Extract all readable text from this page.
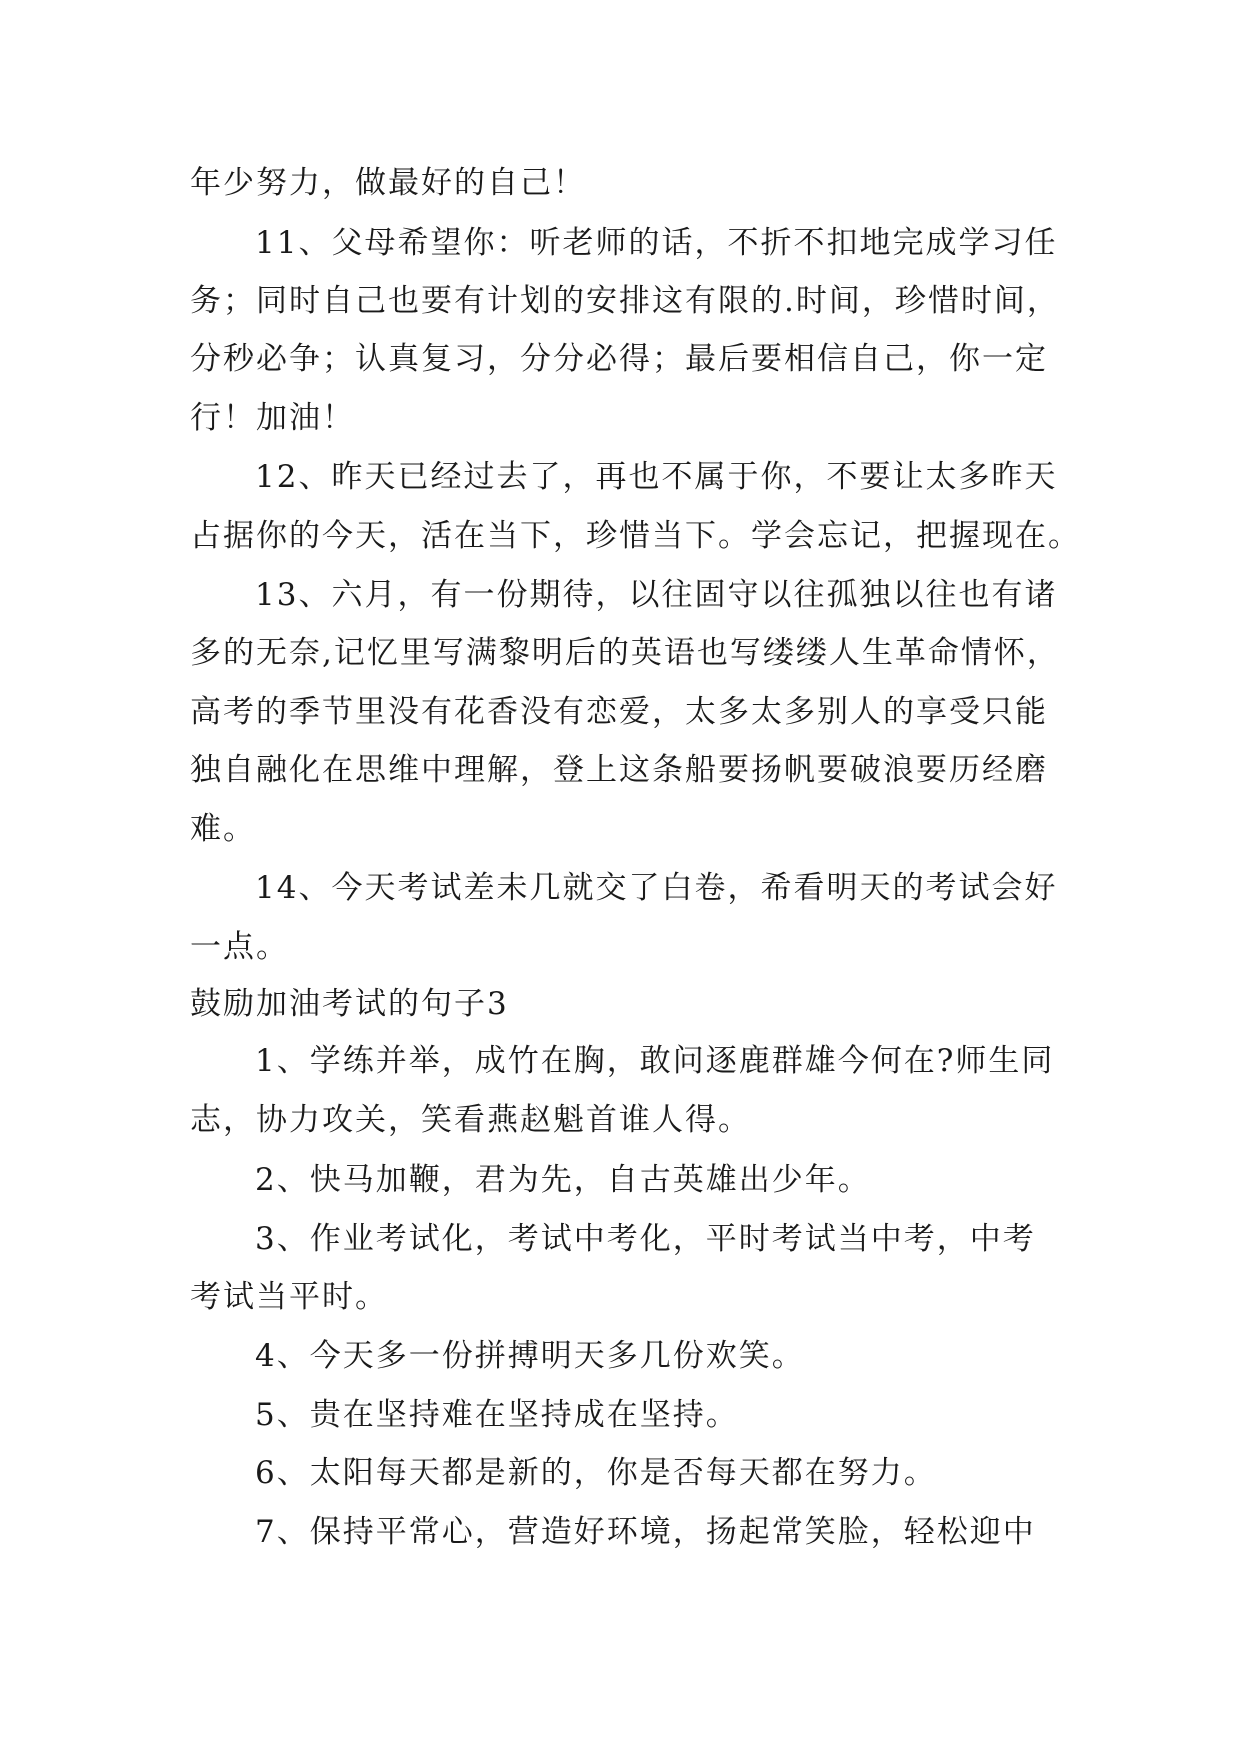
年少努力，做最好的自己！
11、父母希望你：听老师的话，不折不扣地完成学习任
务；同时自己也要有计划的安排这有限的.时间，珍惜时间，
分秒必争；认真复习，分分必得；最后要相信自己，你一定
行！加油！
12、昨天已经过去了，再也不属于你，不要让太多昨天
占据你的今天，活在当下，珍惜当下。学会忘记，把握现在。
13、六月，有一份期待，以往固守以往孤独以往也有诸
多的无奈,记忆里写满黎明后的英语也写缕缕人生革命情怀，
高考的季节里没有花香没有恋爱，太多太多别人的享受只能
独自融化在思维中理解，登上这条船要扬帆要破浪要历经磨
难。
14、今天考试差未几就交了白卷，希看明天的考试会好
一点。
鼓励加油考试的句子3
1、学练并举，成竹在胸，敢问逐鹿群雄今何在?师生同
志，协力攻关，笑看燕赵魁首谁人得。
2、快马加鞭，君为先，自古英雄出少年。
3、作业考试化，考试中考化，平时考试当中考，中考
考试当平时。
4、今天多一份拼搏明天多几份欢笑。
5、贵在坚持难在坚持成在坚持。
6、太阳每天都是新的，你是否每天都在努力。
7、保持平常心，营造好环境，扬起常笑脸，轻松迎中
